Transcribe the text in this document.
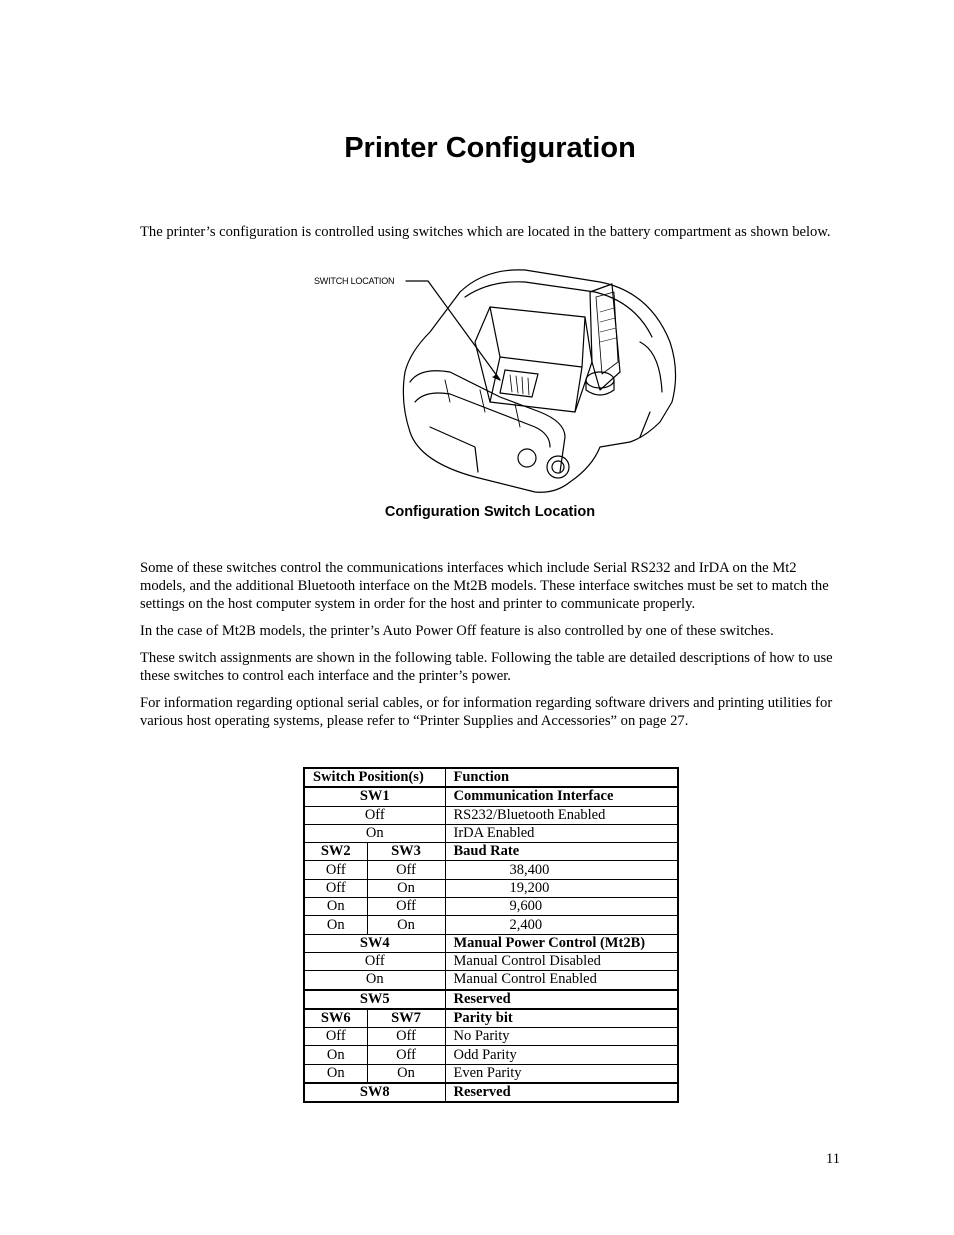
Printer Configuration

The printer’s configuration is controlled using switches which are located in the battery compartment as shown below.

SWITCH LOCATION
Configuration Switch Location

Some of these switches control the communications interfaces which include Serial RS232 and IrDA on the Mt2 models, and the additional Bluetooth interface on the Mt2B models. These interface switches must be set to match the settings on the host computer system in order for the host and printer to communicate properly.

In the case of Mt2B models, the printer’s Auto Power Off feature is also controlled by one of these switches.

These switch assignments are shown in the following table. Following the table are detailed descriptions of how to use these switches to control each interface and the printer’s power.

For information regarding optional serial cables, or for information regarding software drivers and printing utilities for various host operating systems, please refer to “Printer Supplies and Accessories” on page 27.

Switch Position(s)		Function
SW1		Communication Interface
Off		RS232/Bluetooth Enabled
On		IrDA Enabled
SW2	SW3	Baud Rate
Off	Off	38,400
Off	On	19,200
On	Off	9,600
On	On	2,400
SW4		Manual Power Control (Mt2B)
Off		Manual Control Disabled
On		Manual Control Enabled
SW5		Reserved
SW6	SW7	Parity bit
Off	Off	No Parity
On	Off	Odd Parity
On	On	Even Parity
SW8		Reserved
11
